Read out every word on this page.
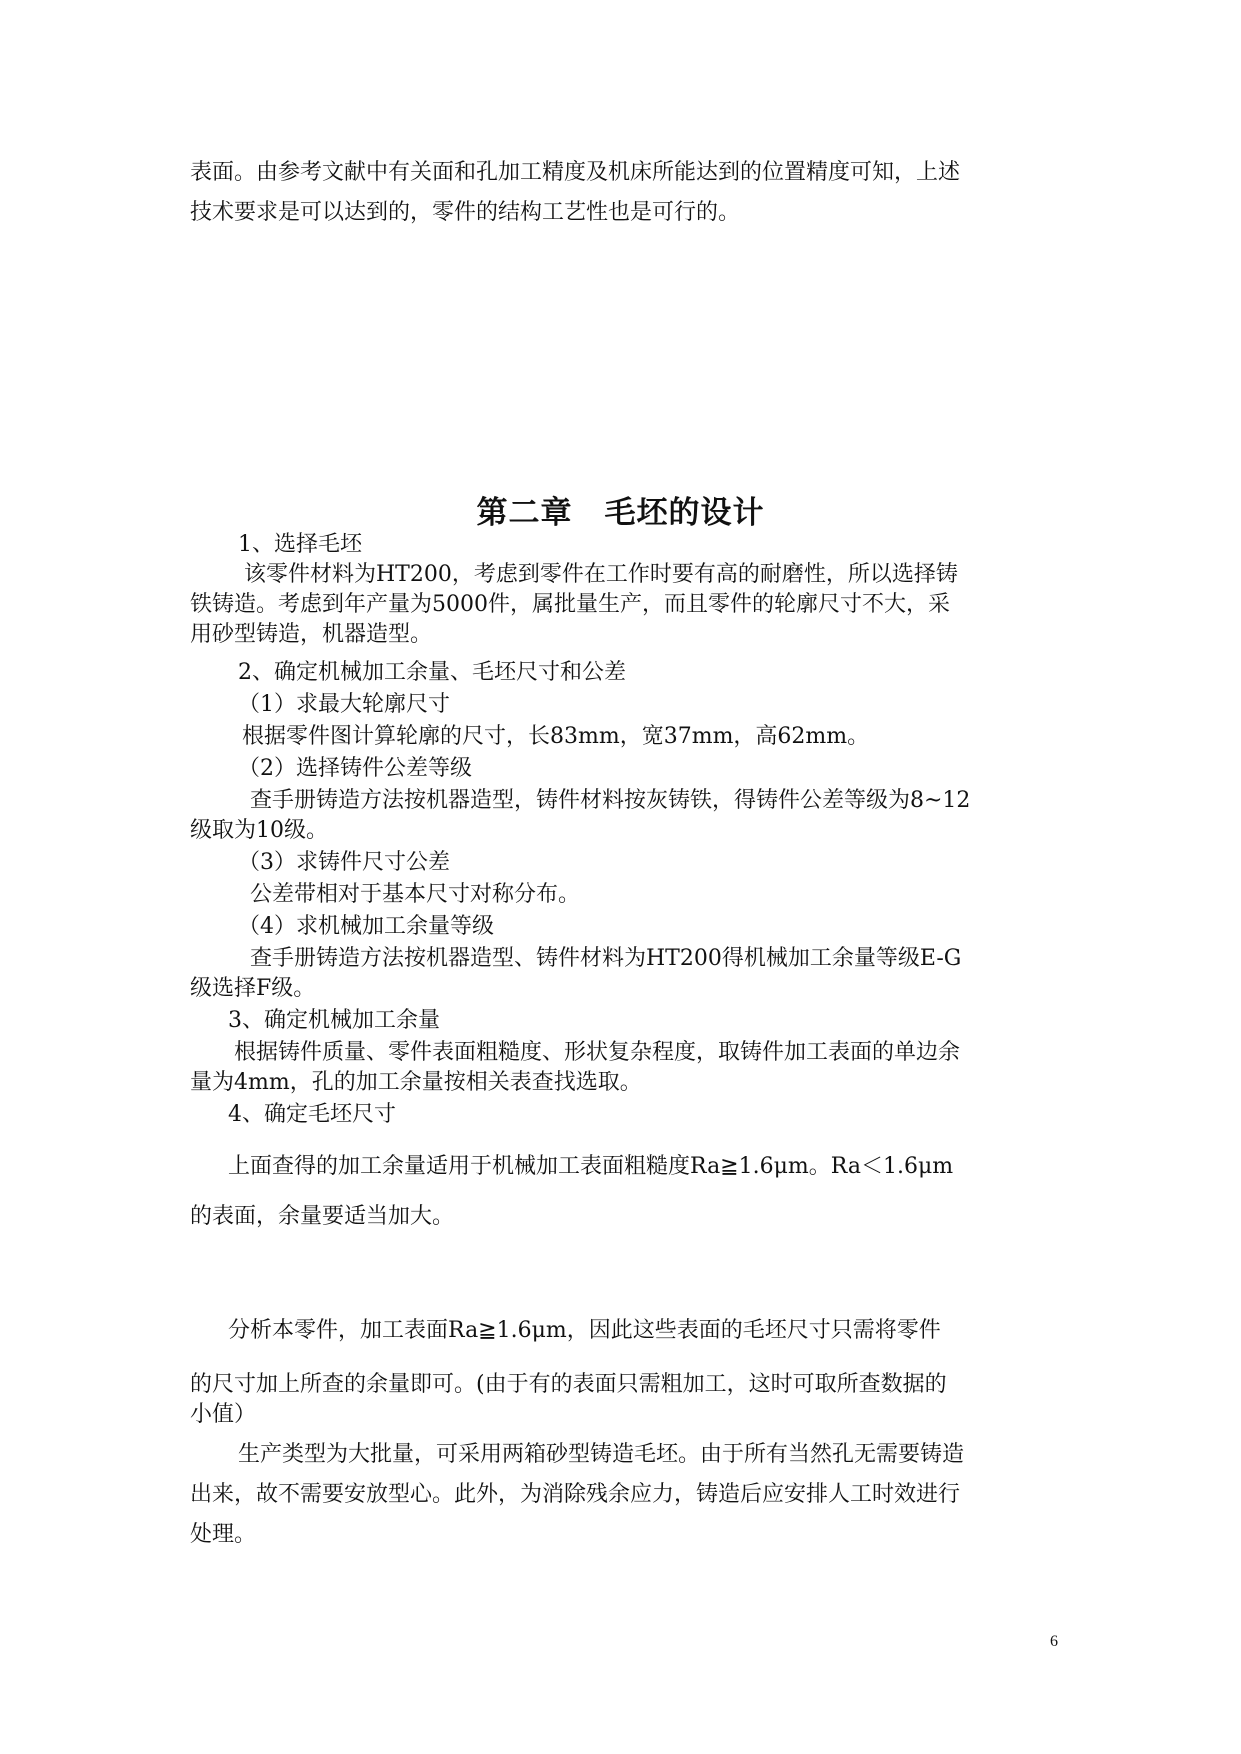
表面。由参考文献中有关面和孔加工精度及机床所能达到的位置精度可知，上述
技术要求是可以达到的，零件的结构工艺性也是可行的。
第二章　毛坯的设计
1、选择毛坯
该零件材料为HT200，考虑到零件在工作时要有高的耐磨性，所以选择铸
铁铸造。考虑到年产量为5000件，属批量生产，而且零件的轮廓尺寸不大，采
用砂型铸造，机器造型。
2、确定机械加工余量、毛坯尺寸和公差
（1）求最大轮廓尺寸
根据零件图计算轮廓的尺寸，长83mm，宽37mm，高62mm。
（2）选择铸件公差等级
查手册铸造方法按机器造型，铸件材料按灰铸铁，得铸件公差等级为8~12
级取为10级。
（3）求铸件尺寸公差
公差带相对于基本尺寸对称分布。
（4）求机械加工余量等级
查手册铸造方法按机器造型、铸件材料为HT200得机械加工余量等级E-G
级选择F级。
3、确定机械加工余量
根据铸件质量、零件表面粗糙度、形状复杂程度，取铸件加工表面的单边余
量为4mm，孔的加工余量按相关表查找选取。
4、确定毛坯尺寸
上面查得的加工余量适用于机械加工表面粗糙度Ra≧1.6μm。Ra＜1.6μm
的表面，余量要适当加大。
分析本零件，加工表面Ra≧1.6μm，因此这些表面的毛坯尺寸只需将零件
的尺寸加上所查的余量即可。(由于有的表面只需粗加工，这时可取所查数据的
小值）
生产类型为大批量，可采用两箱砂型铸造毛坯。由于所有当然孔无需要铸造
出来，故不需要安放型心。此外，为消除残余应力，铸造后应安排人工时效进行
处理。
6
